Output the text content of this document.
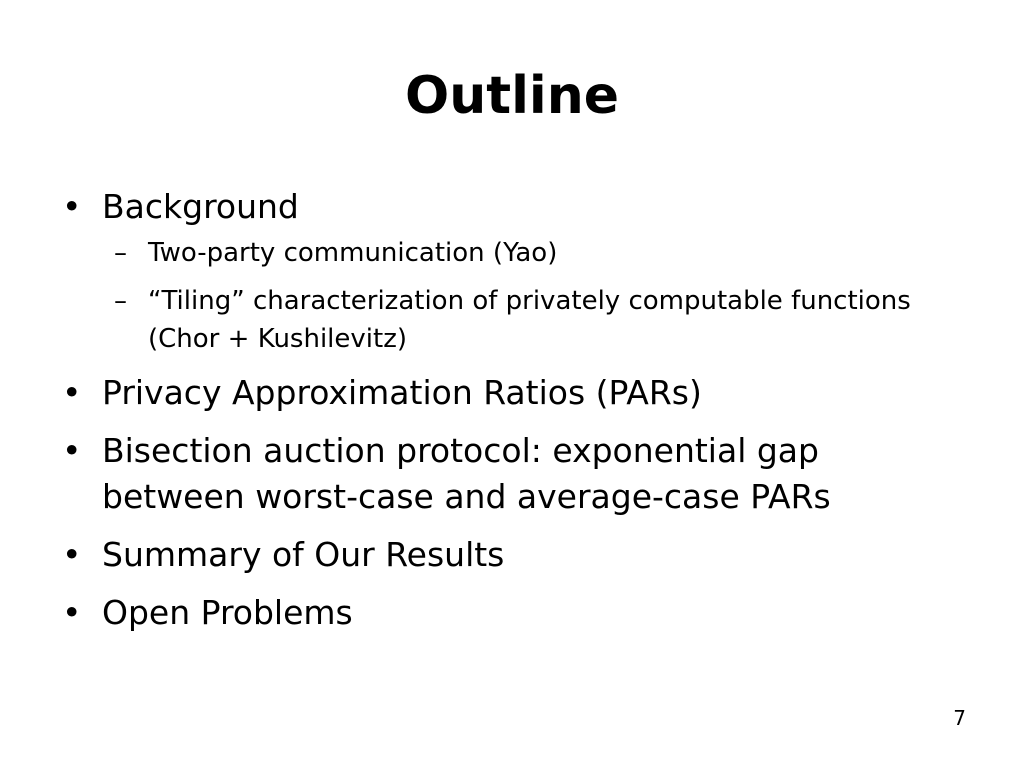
Outline
• Background
– Two-party communication (Yao)
– “Tiling” characterization of privately computable functions (Chor + Kushilevitz)
• Privacy Approximation Ratios (PARs)
• Bisection auction protocol: exponential gap between worst-case and average-case PARs
• Summary of Our Results
• Open Problems
7
